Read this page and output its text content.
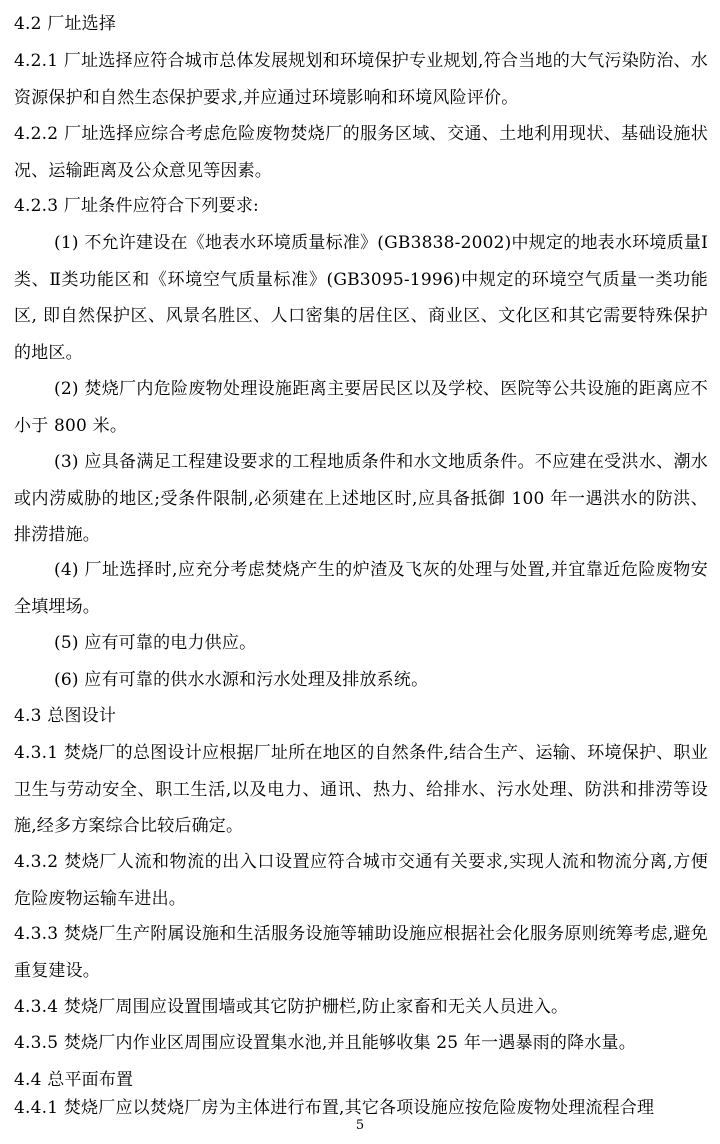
4.2 厂址选择

4.2.1 厂址选择应符合城市总体发展规划和环境保护专业规划,符合当地的大气污染防治、水资源保护和自然生态保护要求,并应通过环境影响和环境风险评价。

4.2.2 厂址选择应综合考虑危险废物焚烧厂的服务区域、交通、土地利用现状、基础设施状况、运输距离及公众意见等因素。

4.2.3 厂址条件应符合下列要求:

(1) 不允许建设在《地表水环境质量标准》(GB3838-2002)中规定的地表水环境质量Ⅰ类、Ⅱ类功能区和《环境空气质量标准》(GB3095-1996)中规定的环境空气质量一类功能区, 即自然保护区、风景名胜区、人口密集的居住区、商业区、文化区和其它需要特殊保护的地区。

(2) 焚烧厂内危险废物处理设施距离主要居民区以及学校、医院等公共设施的距离应不小于 800 米。

(3) 应具备满足工程建设要求的工程地质条件和水文地质条件。不应建在受洪水、潮水或内涝威胁的地区;受条件限制,必须建在上述地区时,应具备抵御 100 年一遇洪水的防洪、排涝措施。

(4) 厂址选择时,应充分考虑焚烧产生的炉渣及飞灰的处理与处置,并宜靠近危险废物安全填埋场。

(5) 应有可靠的电力供应。

(6) 应有可靠的供水水源和污水处理及排放系统。

4.3 总图设计

4.3.1 焚烧厂的总图设计应根据厂址所在地区的自然条件,结合生产、运输、环境保护、职业卫生与劳动安全、职工生活,以及电力、通讯、热力、给排水、污水处理、防洪和排涝等设施,经多方案综合比较后确定。

4.3.2 焚烧厂人流和物流的出入口设置应符合城市交通有关要求,实现人流和物流分离,方便危险废物运输车进出。

4.3.3 焚烧厂生产附属设施和生活服务设施等辅助设施应根据社会化服务原则统筹考虑,避免重复建设。

4.3.4 焚烧厂周围应设置围墙或其它防护栅栏,防止家畜和无关人员进入。

4.3.5 焚烧厂内作业区周围应设置集水池,并且能够收集 25 年一遇暴雨的降水量。

4.4 总平面布置

4.4.1 焚烧厂应以焚烧厂房为主体进行布置,其它各项设施应按危险废物处理流程合理

5
